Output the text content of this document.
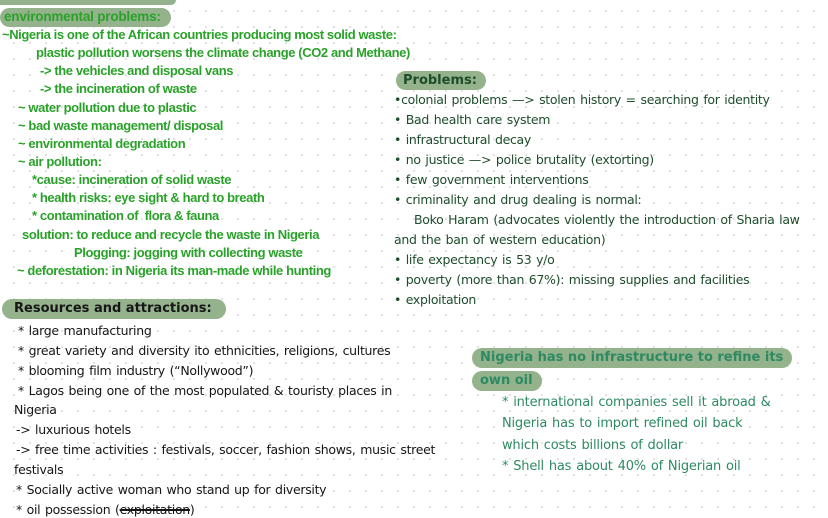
environmental problems:
~Nigeria is one of the African countries producing most solid waste:
plastic pollution worsens the climate change (CO2 and Methane)
-> the vehicles and disposal vans
-> the incineration of waste
~ water pollution due to plastic
~ bad waste management/ disposal
~ environmental degradation
~ air pollution:
*cause: incineration of solid waste
* health risks: eye sight & hard to breath
* contamination of  flora & fauna
solution: to reduce and recycle the waste in Nigeria
Plogging: jogging with collecting waste
~ deforestation: in Nigeria its man-made while hunting
Problems:
•colonial problems —> stolen history = searching for identity
• Bad health care system
• infrastructural decay
• no justice —> police brutality (extorting)
• few government interventions
• criminality and drug dealing is normal:
Boko Haram (advocates violently the introduction of Sharia law
and the ban of western education)
• life expectancy is 53 y/o
• poverty (more than 67%): missing supplies and facilities
• exploitation
Resources and attractions:
* large manufacturing
* great variety and diversity ito ethnicities, religions, cultures
* blooming film industry (“Nollywood”)
* Lagos being one of the most populated & touristy places in
Nigeria
-> luxurious hotels
-> free time activities : festivals, soccer, fashion shows, music street
festivals
* Socially active woman who stand up for diversity
* oil possession (exploitation)
Nigeria has no infrastructure to refine its
own oil
* international companies sell it abroad &
Nigeria has to import refined oil back
which costs billions of dollar
* Shell has about 40% of Nigerian oil
